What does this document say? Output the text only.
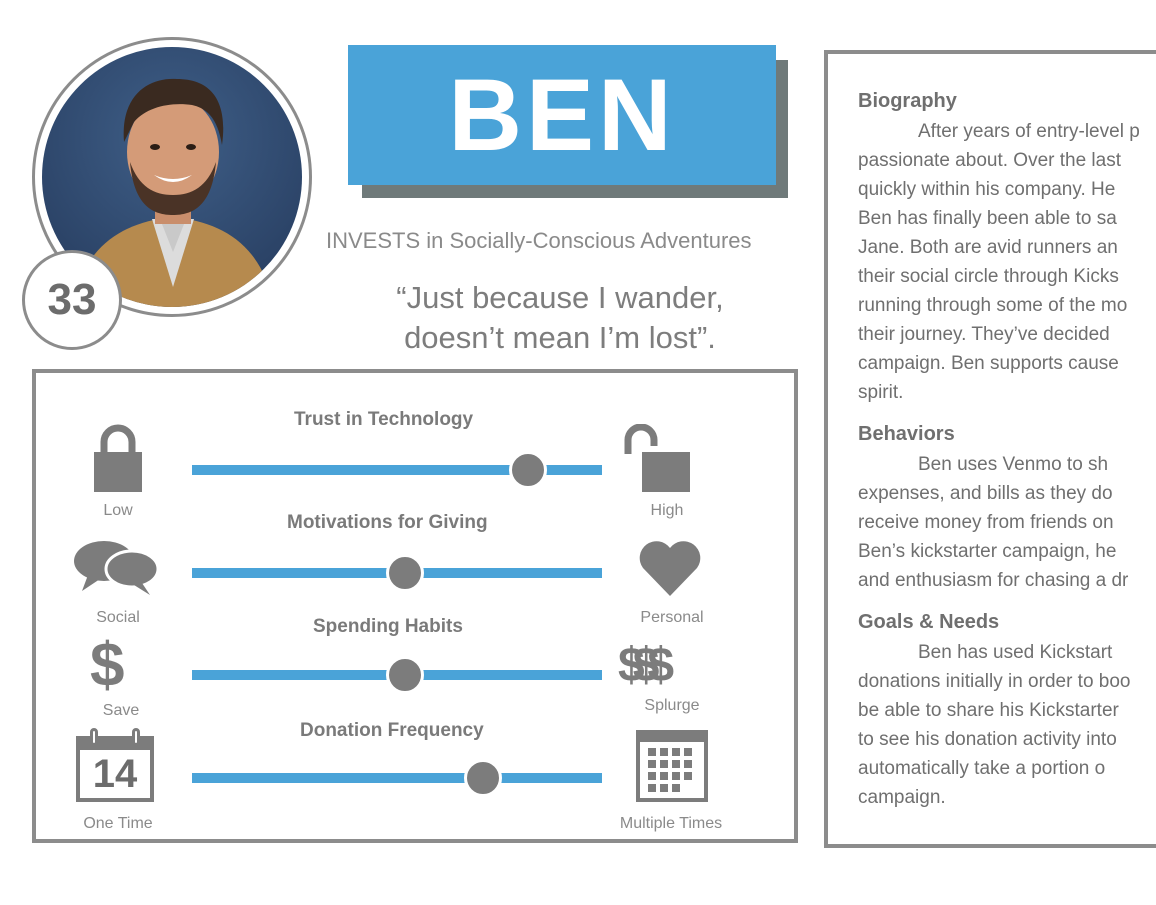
33
BEN
INVESTS in Socially-Conscious Adventures
“Just because I wander,
doesn’t mean I’m lost”.
Trust in Technology
Low	High
Motivations for Giving
Social	Personal
Spending Habits
$	$$$
Save	Splurge
Donation Frequency
14
One Time	Multiple Times
Biography
After years of entry-level p
passionate about. Over the last
quickly within his company. He
Ben has finally been able to sa
Jane. Both are avid runners an
their social circle through Kicks
running through some of the mo
their journey. They’ve decided
campaign. Ben supports cause
spirit.
Behaviors
Ben uses Venmo to sh
expenses, and bills as they do
receive money from friends on
Ben’s kickstarter campaign, he
and enthusiasm for chasing a dr
Goals & Needs
Ben has used Kickstart
donations initially in order to boo
be able to share his Kickstarter
to see his donation activity into
automatically take a portion o
campaign.
